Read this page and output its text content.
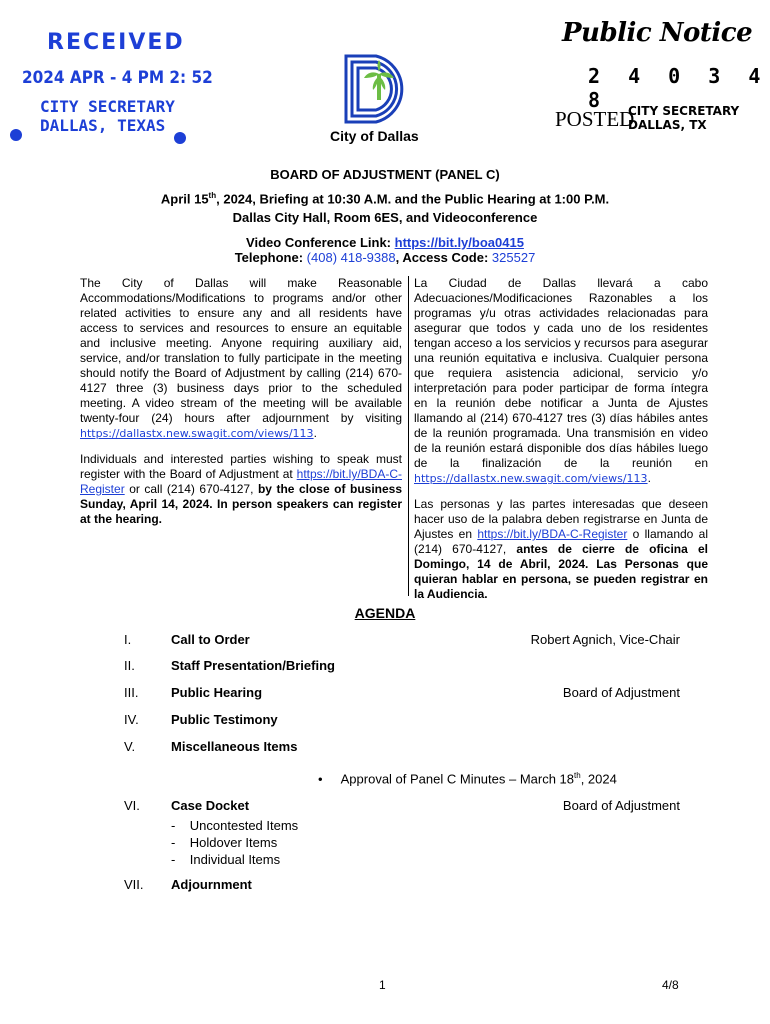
RECEIVED
2024 APR - 4 PM 2: 52
CITY SECRETARY
DALLAS, TEXAS
Public Notice
2 4 0 3 4 8
POSTED
CITY SECRETARY
DALLAS, TX
City of Dallas
BOARD OF ADJUSTMENT (PANEL C)
April 15th, 2024, Briefing at 10:30 A.M. and the Public Hearing at 1:00 P.M.
Dallas City Hall, Room 6ES, and Videoconference
Video Conference Link: https://bit.ly/boa0415
Telephone: (408) 418-9388, Access Code: 325527

The City of Dallas will make Reasonable Accommodations/Modifications to programs and/or other related activities to ensure any and all residents have access to services and resources to ensure an equitable and inclusive meeting. Anyone requiring auxiliary aid, service, and/or translation to fully participate in the meeting should notify the Board of Adjustment by calling (214) 670-4127 three (3) business days prior to the scheduled meeting. A video stream of the meeting will be available twenty-four (24) hours after adjournment by visiting https://dallastx.new.swagit.com/views/113.

Individuals and interested parties wishing to speak must register with the Board of Adjustment at https://bit.ly/BDA-C-Register or call (214) 670-4127, by the close of business Sunday, April 14, 2024. In person speakers can register at the hearing.

La Ciudad de Dallas llevará a cabo Adecuaciones/Modificaciones Razonables a los programas y/u otras actividades relacionadas para asegurar que todos y cada uno de los residentes tengan acceso a los servicios y recursos para asegurar una reunión equitativa e inclusiva. Cualquier persona que requiera asistencia adicional, servicio y/o interpretación para poder participar de forma íntegra en la reunión debe notificar a Junta de Ajustes llamando al (214) 670-4127 tres (3) días hábiles antes de la reunión programada. Una transmisión en video de la reunión estará disponible dos días hábiles luego de la finalización de la reunión en https://dallastx.new.swagit.com/views/113.

Las personas y las partes interesadas que deseen hacer uso de la palabra deben registrarse en Junta de Ajustes en https://bit.ly/BDA-C-Register o llamando al (214) 670-4127, antes de cierre de oficina el Domingo, 14 de Abril, 2024. Las Personas que quieran hablar en persona, se pueden registrar en la Audiencia.

AGENDA
I.	Call to Order	Robert Agnich, Vice-Chair
II.	Staff Presentation/Briefing
III.	Public Hearing	Board of Adjustment
IV. Public Testimony
V.	Miscellaneous Items
•     Approval of Panel C Minutes – March 18th, 2024
VI. Case Docket	Board of Adjustment
-    Uncontested Items
-    Holdover Items
-    Individual Items
VII. Adjournment
1	4/8
